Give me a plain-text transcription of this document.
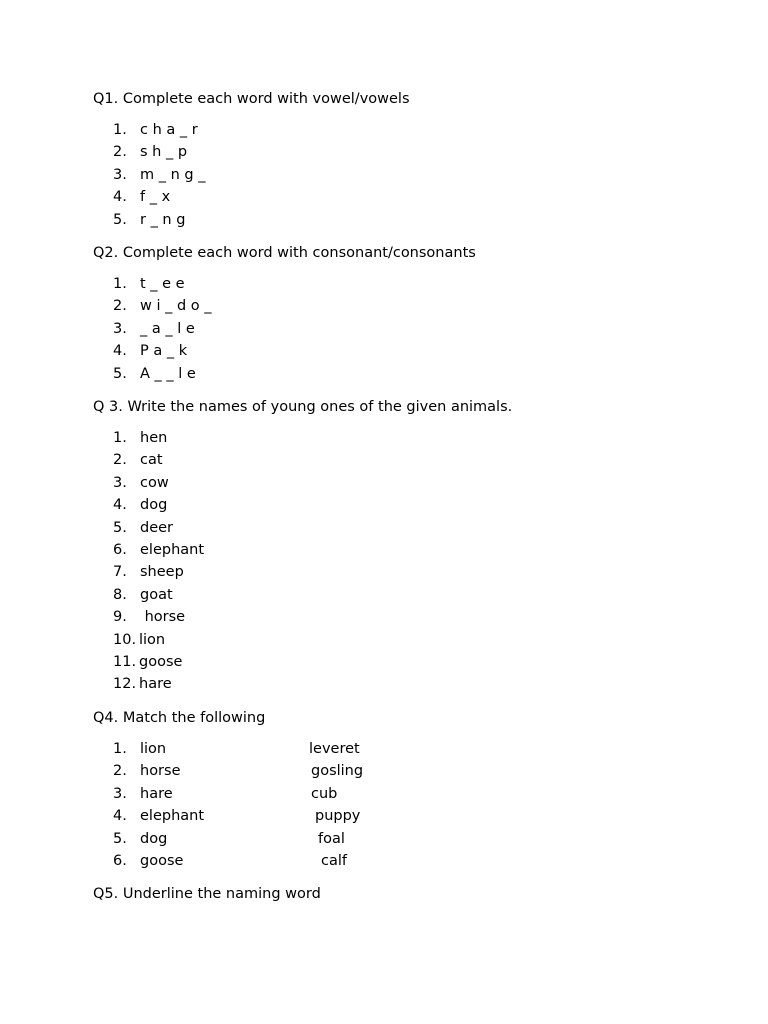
Q1. Complete each word with vowel/vowels
1. c h a _ r
2. s h _ p
3. m _ n g _
4. f _ x
5. r _ n g
Q2. Complete each word with consonant/consonants
1. t _ e e
2. w i _ d o _
3. _ a _ l e
4. P a _ k
5. A _ _ l e
Q 3. Write the names of young ones of the given animals.
1. hen
2. cat
3. cow
4. dog
5. deer
6. elephant
7. sheep
8. goat
9. horse
10. lion
11. goose
12. hare
Q4. Match the following
1. lion	leveret
2. horse	gosling
3. hare	cub
4. elephant	puppy
5. dog	foal
6. goose	calf
Q5. Underline the naming word
